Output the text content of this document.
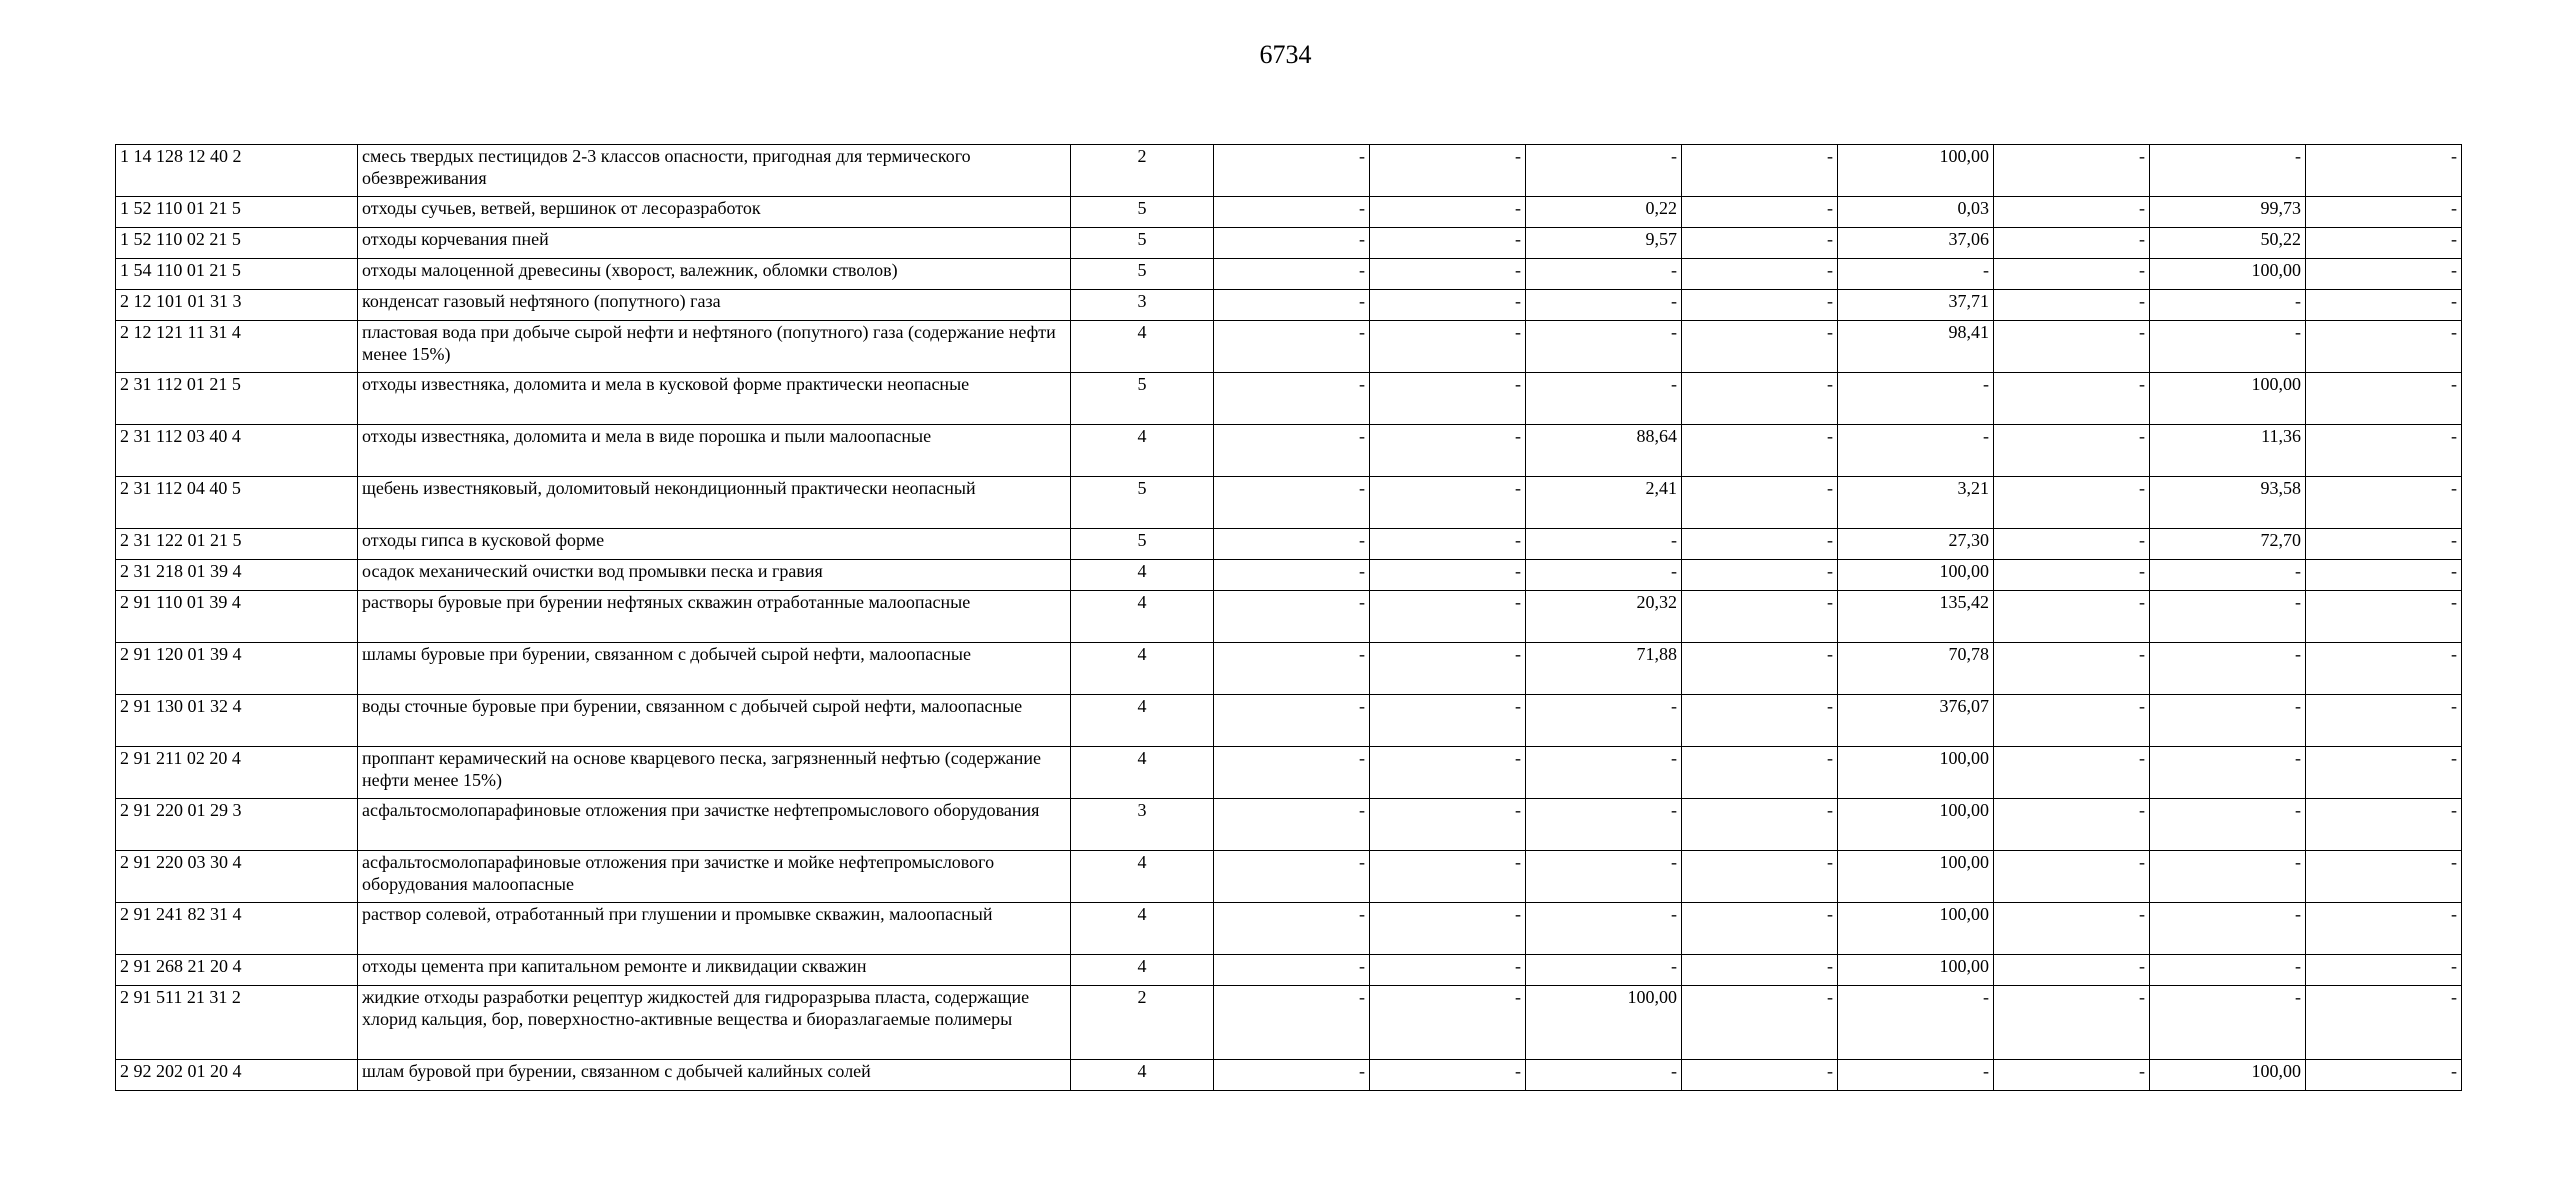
6734
1 14 128 12 40 2	смесь твердых пестицидов 2-3 классов опасности, пригодная для термического обезвреживания	2	-	-	-	-	100,00	-	-	-
1 52 110 01 21 5	отходы сучьев, ветвей, вершинок от лесоразработок	5	-	-	0,22	-	0,03	-	99,73	-
1 52 110 02 21 5	отходы корчевания пней	5	-	-	9,57	-	37,06	-	50,22	-
1 54 110 01 21 5	отходы малоценной древесины (хворост, валежник, обломки стволов)	5	-	-	-	-	-	-	100,00	-
2 12 101 01 31 3	конденсат газовый нефтяного (попутного) газа	3	-	-	-	-	37,71	-	-	-
2 12 121 11 31 4	пластовая вода при добыче сырой нефти и нефтяного (попутного) газа (содержание нефти менее 15%)	4	-	-	-	-	98,41	-	-	-
2 31 112 01 21 5	отходы известняка, доломита и мела в кусковой форме практически неопасные	5	-	-	-	-	-	-	100,00	-
2 31 112 03 40 4	отходы известняка, доломита и мела в виде порошка и пыли малоопасные	4	-	-	88,64	-	-	-	11,36	-
2 31 112 04 40 5	щебень известняковый, доломитовый некондиционный практически неопасный	5	-	-	2,41	-	3,21	-	93,58	-
2 31 122 01 21 5	отходы гипса в кусковой форме	5	-	-	-	-	27,30	-	72,70	-
2 31 218 01 39 4	осадок механический очистки вод промывки песка и гравия	4	-	-	-	-	100,00	-	-	-
2 91 110 01 39 4	растворы буровые при бурении нефтяных скважин отработанные малоопасные	4	-	-	20,32	-	135,42	-	-	-
2 91 120 01 39 4	шламы буровые при бурении, связанном с добычей сырой нефти, малоопасные	4	-	-	71,88	-	70,78	-	-	-
2 91 130 01 32 4	воды сточные буровые при бурении, связанном с добычей сырой нефти, малоопасные	4	-	-	-	-	376,07	-	-	-
2 91 211 02 20 4	проппант керамический на основе кварцевого песка, загрязненный нефтью (содержание нефти менее 15%)	4	-	-	-	-	100,00	-	-	-
2 91 220 01 29 3	асфальтосмолопарафиновые отложения при зачистке нефтепромыслового оборудования	3	-	-	-	-	100,00	-	-	-
2 91 220 03 30 4	асфальтосмолопарафиновые отложения при зачистке и мойке нефтепромыслового оборудования малоопасные	4	-	-	-	-	100,00	-	-	-
2 91 241 82 31 4	раствор солевой, отработанный при глушении и промывке скважин, малоопасный	4	-	-	-	-	100,00	-	-	-
2 91 268 21 20 4	отходы цемента при капитальном ремонте и ликвидации скважин	4	-	-	-	-	100,00	-	-	-
2 91 511 21 31 2	жидкие отходы разработки рецептур жидкостей для гидроразрыва пласта, содержащие хлорид кальция, бор, поверхностно-активные вещества и биоразлагаемые полимеры	2	-	-	100,00	-	-	-	-	-
2 92 202 01 20 4	шлам буровой при бурении, связанном с добычей калийных солей	4	-	-	-	-	-	-	100,00	-
